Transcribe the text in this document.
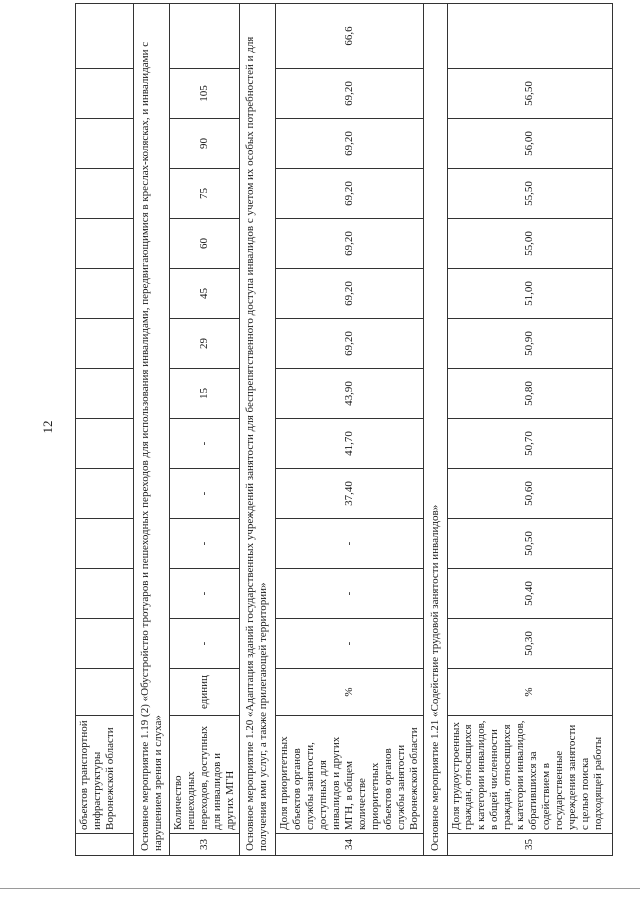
12
	объектов транспортной инфраструктуры Воронежской области														
Основное мероприятие 1.19 (2) «Обустройство тротуаров и пешеходных переходов для использования инвалидами, передвигающимися в креслах-колясках, и инвалидами с нарушением зрения и слуха»															
33	Количество пешеходных переходов, доступных для инвалидов и других МГН	единиц	-	-	-	-	-	15	29	45	60	75	90	105	
Основное мероприятие 1.20 «Адаптация зданий государственных учреждений занятости для беспрепятственного доступа инвалидов с учетом их особых потребностей и для получения ими услуг, а также прилегающей территории»															
34	Доля приоритетных объектов органов службы занятости, доступных для инвалидов и других МГН, в общем количестве приоритетных объектов органов службы занятости Воронежской области	%	-	-	-	37,40	41,70	43,90	69,20	69,20	69,20	69,20	69,20	69,20	66,6
Основное мероприятие 1.21 «Содействие трудовой занятости инвалидов»															
35	Доля трудоустроенных граждан, относящихся к категории инвалидов, в общей численности граждан, относящихся к категории инвалидов, обратившихся за содействием в государственные учреждения занятости с целью поиска подходящей работы	%	50,30	50,40	50,50	50,60	50,70	50,80	50,90	51,00	55,00	55,50	56,00	56,50	
